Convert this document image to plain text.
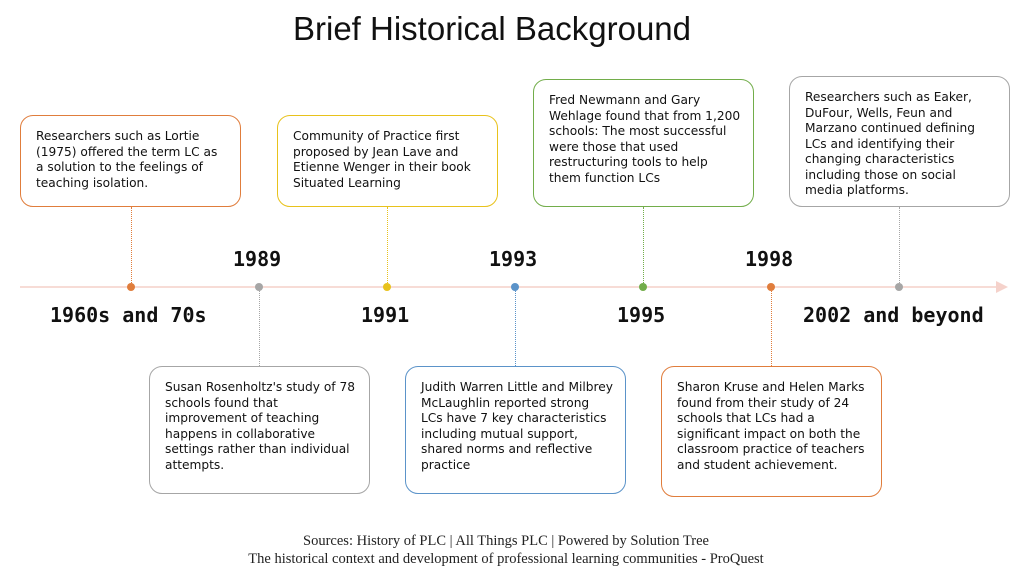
Brief Historical Background
1960s and 70s
1989
1991
1993
1995
1998
2002 and beyond
Researchers such as Lortie (1975) offered the term LC as a solution to the feelings of teaching isolation.
Susan Rosenholtz's study of 78 schools found that improvement of teaching happens in collaborative settings rather than individual attempts.
Community of Practice first proposed by Jean Lave and Etienne Wenger in their book Situated Learning
Judith Warren Little and Milbrey McLaughlin reported strong LCs have 7 key characteristics including mutual support, shared norms and reflective practice
Fred Newmann and Gary Wehlage found that from 1,200 schools: The most successful were those that used restructuring tools to help them function LCs
Sharon Kruse and Helen Marks found from their study of 24 schools that LCs had a significant impact on both the classroom practice of teachers and student achievement.
Researchers such as Eaker, DuFour, Wells, Feun and Marzano continued defining LCs and identifying their changing characteristics including those on social media platforms.
Sources: History of PLC | All Things PLC | Powered by Solution Tree
The historical context and development of professional learning communities - ProQuest
